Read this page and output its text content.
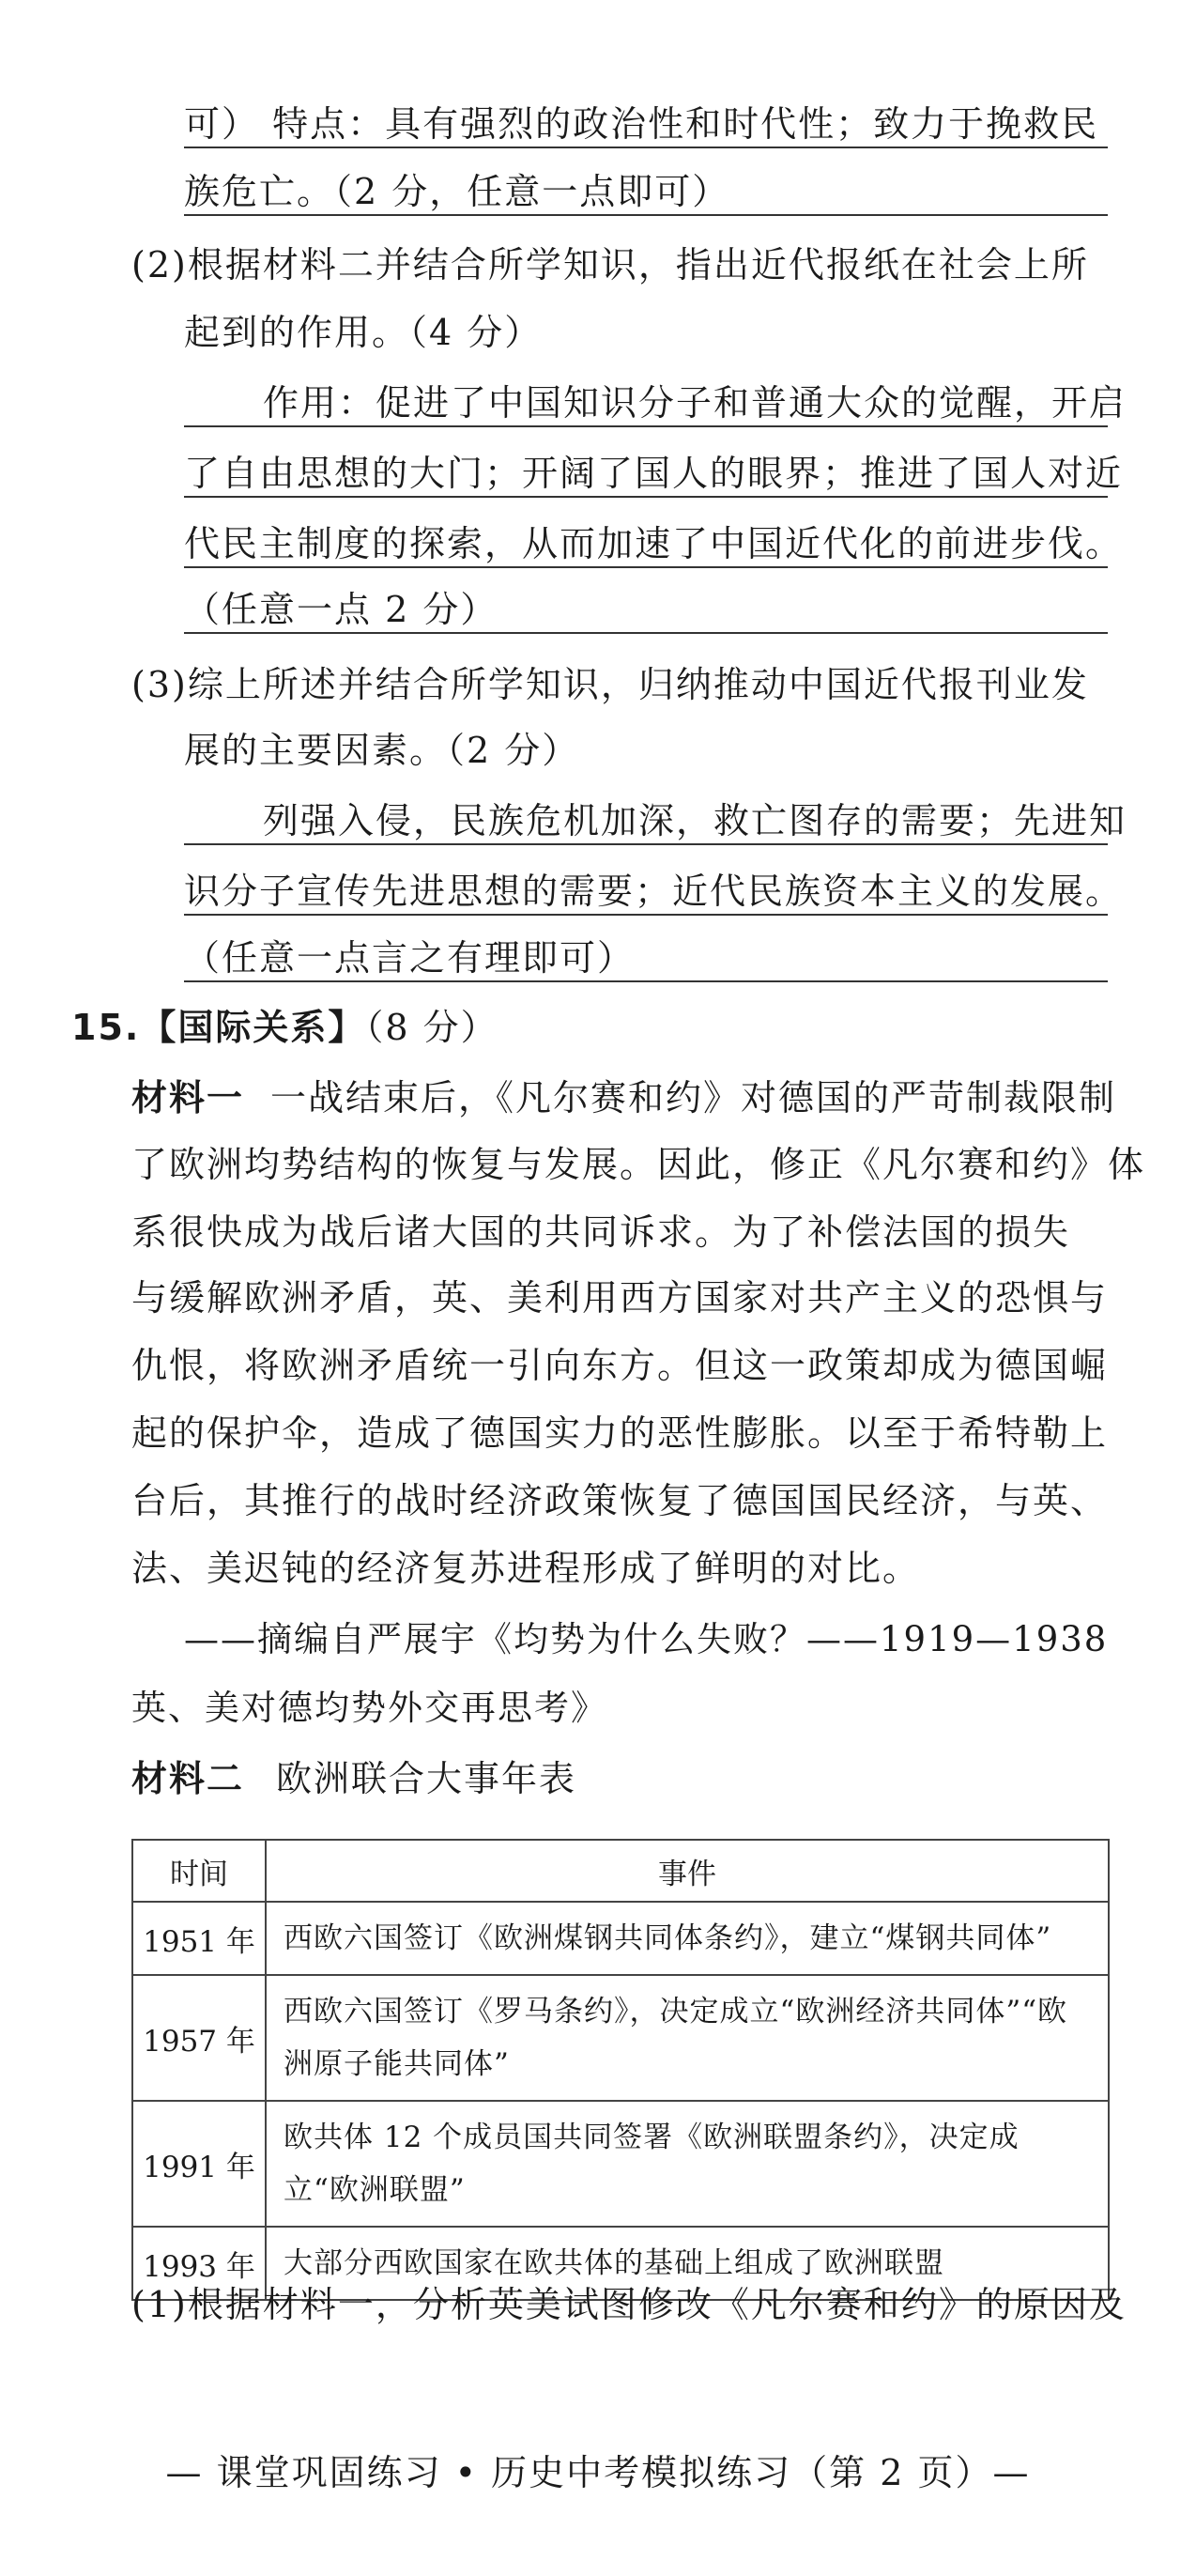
可） 特点：具有强烈的政治性和时代性；致力于挽救民
族危亡。（2 分，任意一点即可）
(2)根据材料二并结合所学知识，指出近代报纸在社会上所
起到的作用。（4 分）
作用：促进了中国知识分子和普通大众的觉醒，开启
了自由思想的大门；开阔了国人的眼界；推进了国人对近
代民主制度的探索，从而加速了中国近代化的前进步伐。
（任意一点 2 分）
(3)综上所述并结合所学知识，归纳推动中国近代报刊业发
展的主要因素。（2 分）
列强入侵，民族危机加深，救亡图存的需要；先进知
识分子宣传先进思想的需要；近代民族资本主义的发展。
（任意一点言之有理即可）
15.【国际关系】（8 分）
材料一 一战结束后，《凡尔赛和约》对德国的严苛制裁限制
了欧洲均势结构的恢复与发展。因此，修正《凡尔赛和约》体
系很快成为战后诸大国的共同诉求。为了补偿法国的损失
与缓解欧洲矛盾，英、美利用西方国家对共产主义的恐惧与
仇恨，将欧洲矛盾统一引向东方。但这一政策却成为德国崛
起的保护伞，造成了德国实力的恶性膨胀。以至于希特勒上
台后，其推行的战时经济政策恢复了德国国民经济，与英、
法、美迟钝的经济复苏进程形成了鲜明的对比。
——摘编自严展宇《均势为什么失败？——1919—1938
英、美对德均势外交再思考》
材料二 欧洲联合大事年表
时间	事件
1951 年	西欧六国签订《欧洲煤钢共同体条约》，建立“煤钢共同体”
1957 年	西欧六国签订《罗马条约》，决定成立“欧洲经济共同体”“欧洲原子能共同体”
1991 年	欧共体 12 个成员国共同签署《欧洲联盟条约》，决定成立“欧洲联盟”
1993 年	大部分西欧国家在欧共体的基础上组成了欧洲联盟
(1)根据材料一，分析英美试图修改《凡尔赛和约》的原因及
— 课堂巩固练习 • 历史中考模拟练习（第 2 页）—
